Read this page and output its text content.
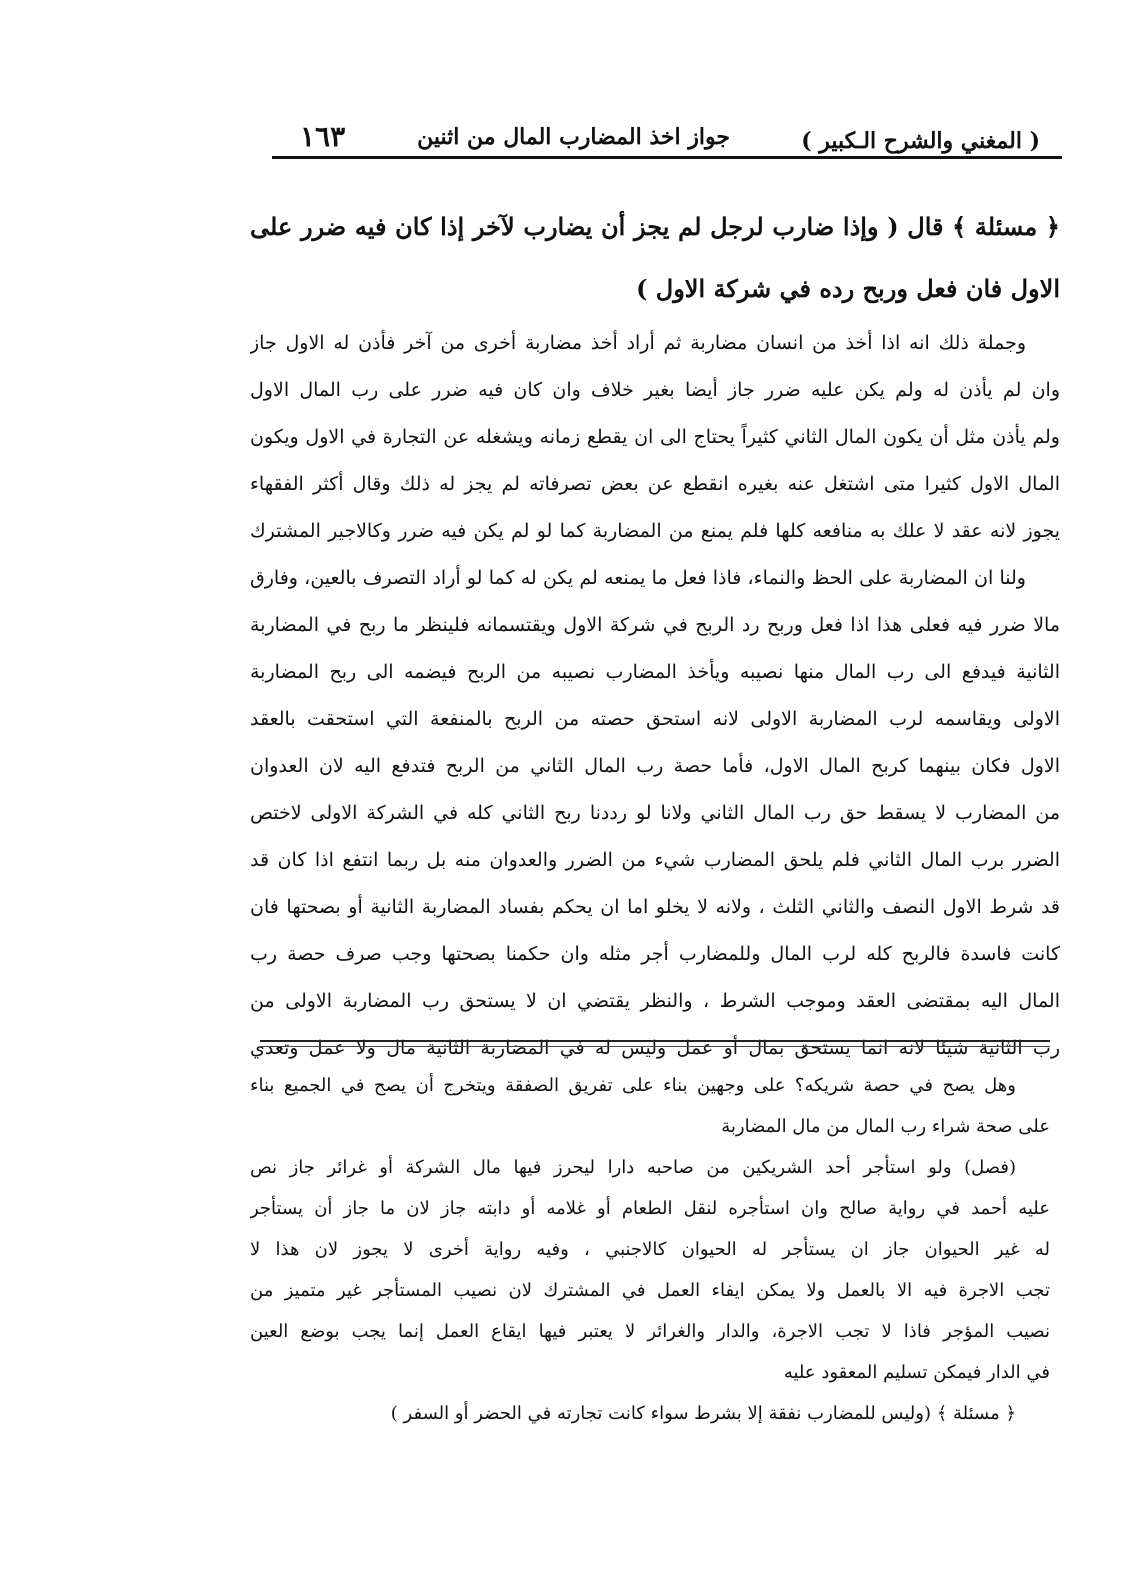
( المغني والشرح الـكبير )
جواز اخذ المضارب المال من اثنين
١٦٣
﴿ مسئلة ﴾ قال ( وإذا ضارب لرجل لم يجز أن يضارب لآخر إذا كان فيه ضرر على
الاول فان فعل وربح رده في شركة الاول )
وجملة ذلك انه اذا أخذ من انسان مضاربة ثم أراد أخذ مضاربة أخرى من آخر فأذن له الاول جاز
وان لم يأذن له ولم يكن عليه ضرر جاز أيضا بغير خلاف وان كان فيه ضرر على رب المال الاول
ولم يأذن مثل أن يكون المال الثاني كثيراً يحتاج الى ان يقطع زمانه ويشغله عن التجارة في الاول ويكون
المال الاول كثيرا متى اشتغل عنه بغيره انقطع عن بعض تصرفاته لم يجز له ذلك وقال أكثر الفقهاء
يجوز لانه عقد لا علك به منافعه كلها فلم يمنع من المضاربة كما لو لم يكن فيه ضرر وكالاجير المشترك
ولنا ان المضاربة على الحظ والنماء، فاذا فعل ما يمنعه لم يكن له كما لو أراد التصرف بالعين، وفارق
مالا ضرر فيه فعلى هذا اذا فعل وربح رد الربح في شركة الاول ويقتسمانه فلينظر ما ربح في المضاربة
الثانية فيدفع الى رب المال منها نصيبه ويأخذ المضارب نصيبه من الربح فيضمه الى ربح المضاربة
الاولى ويقاسمه لرب المضاربة الاولى لانه استحق حصته من الربح بالمنفعة التي استحقت بالعقد
الاول فكان بينهما كربح المال الاول، فأما حصة رب المال الثاني من الربح فتدفع اليه لان العدوان
من المضارب لا يسقط حق رب المال الثاني ولانا لو رددنا ربح الثاني كله في الشركة الاولى لاختص
الضرر برب المال الثاني فلم يلحق المضارب شيء من الضرر والعدوان منه بل ربما انتفع اذا كان قد
قد شرط الاول النصف والثاني الثلث ، ولانه لا يخلو اما ان يحكم بفساد المضاربة الثانية أو بصحتها فان
كانت فاسدة فالربح كله لرب المال وللمضارب أجر مثله وان حكمنا بصحتها وجب صرف حصة رب
المال اليه بمقتضى العقد وموجب الشرط ، والنظر يقتضي ان لا يستحق رب المضاربة الاولى من
رب الثانية شيئا لانه انما يستحق بمال أو عمل وليس له في المضاربة الثانية مال ولا عمل وتعدي
وهل يصح في حصة شريكه؟ على وجهين بناء على تفريق الصفقة ويتخرج أن يصح في الجميع بناء
على صحة شراء رب المال من مال المضاربة
(فصل) ولو استأجر أحد الشريكين من صاحبه دارا ليحرز فيها مال الشركة أو غرائر جاز نص
عليه أحمد في رواية صالح وان استأجره لنقل الطعام أو غلامه أو دابته جاز لان ما جاز أن يستأجر
له غير الحيوان جاز ان يستأجر له الحيوان كالاجنبي ، وفيه رواية أخرى لا يجوز لان هذا لا
تجب الاجرة فيه الا بالعمل ولا يمكن ايفاء العمل في المشترك لان نصيب المستأجر غير متميز من
نصيب المؤجر فاذا لا تجب الاجرة، والدار والغرائر لا يعتبر فيها ايقاع العمل إنما يجب بوضع العين
في الدار فيمكن تسليم المعقود عليه
﴿ مسئلة ﴾ (وليس للمضارب نفقة إلا بشرط سواء كانت تجارته في الحضر أو السفر )
